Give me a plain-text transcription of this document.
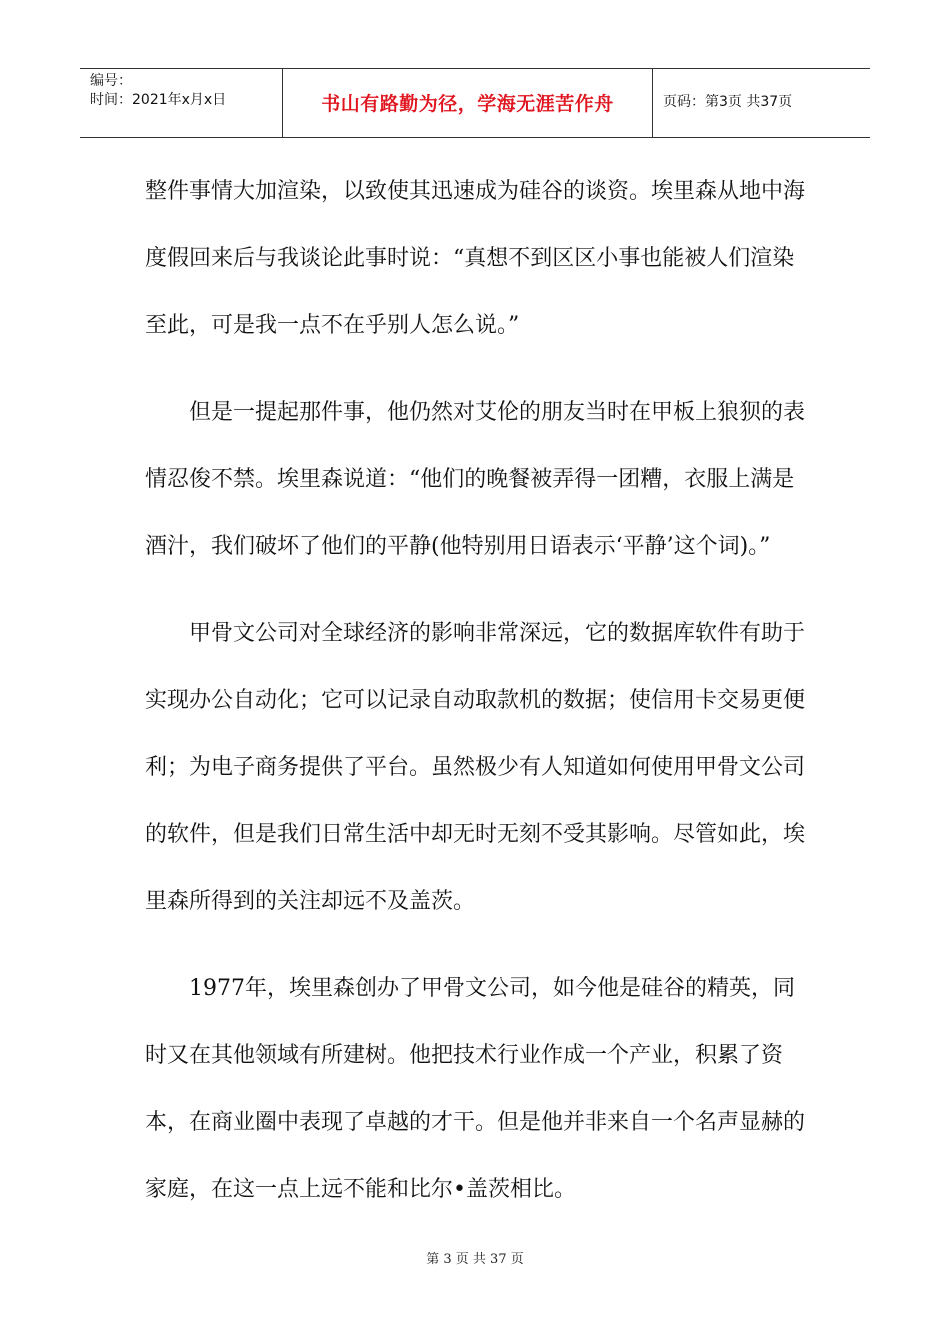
编号：
时间：2021年x月x日	书山有路勤为径，学海无涯苦作舟	页码：第3页 共37页

整件事情大加渲染，以致使其迅速成为硅谷的谈资。埃里森从地中海度假回来后与我谈论此事时说：“真想不到区区小事也能被人们渲染至此，可是我一点不在乎别人怎么说。”

但是一提起那件事，他仍然对艾伦的朋友当时在甲板上狼狈的表情忍俊不禁。埃里森说道：“他们的晚餐被弄得一团糟，衣服上满是酒汁，我们破坏了他们的平静(他特别用日语表示‘平静’这个词)。”

甲骨文公司对全球经济的影响非常深远，它的数据库软件有助于实现办公自动化；它可以记录自动取款机的数据；使信用卡交易更便利；为电子商务提供了平台。虽然极少有人知道如何使用甲骨文公司的软件，但是我们日常生活中却无时无刻不受其影响。尽管如此，埃里森所得到的关注却远不及盖茨。

1977年，埃里森创办了甲骨文公司，如今他是硅谷的精英，同时又在其他领域有所建树。他把技术行业作成一个产业，积累了资本，在商业圈中表现了卓越的才干。但是他并非来自一个名声显赫的家庭，在这一点上远不能和比尔•盖茨相比。

第 3 页 共 37 页
